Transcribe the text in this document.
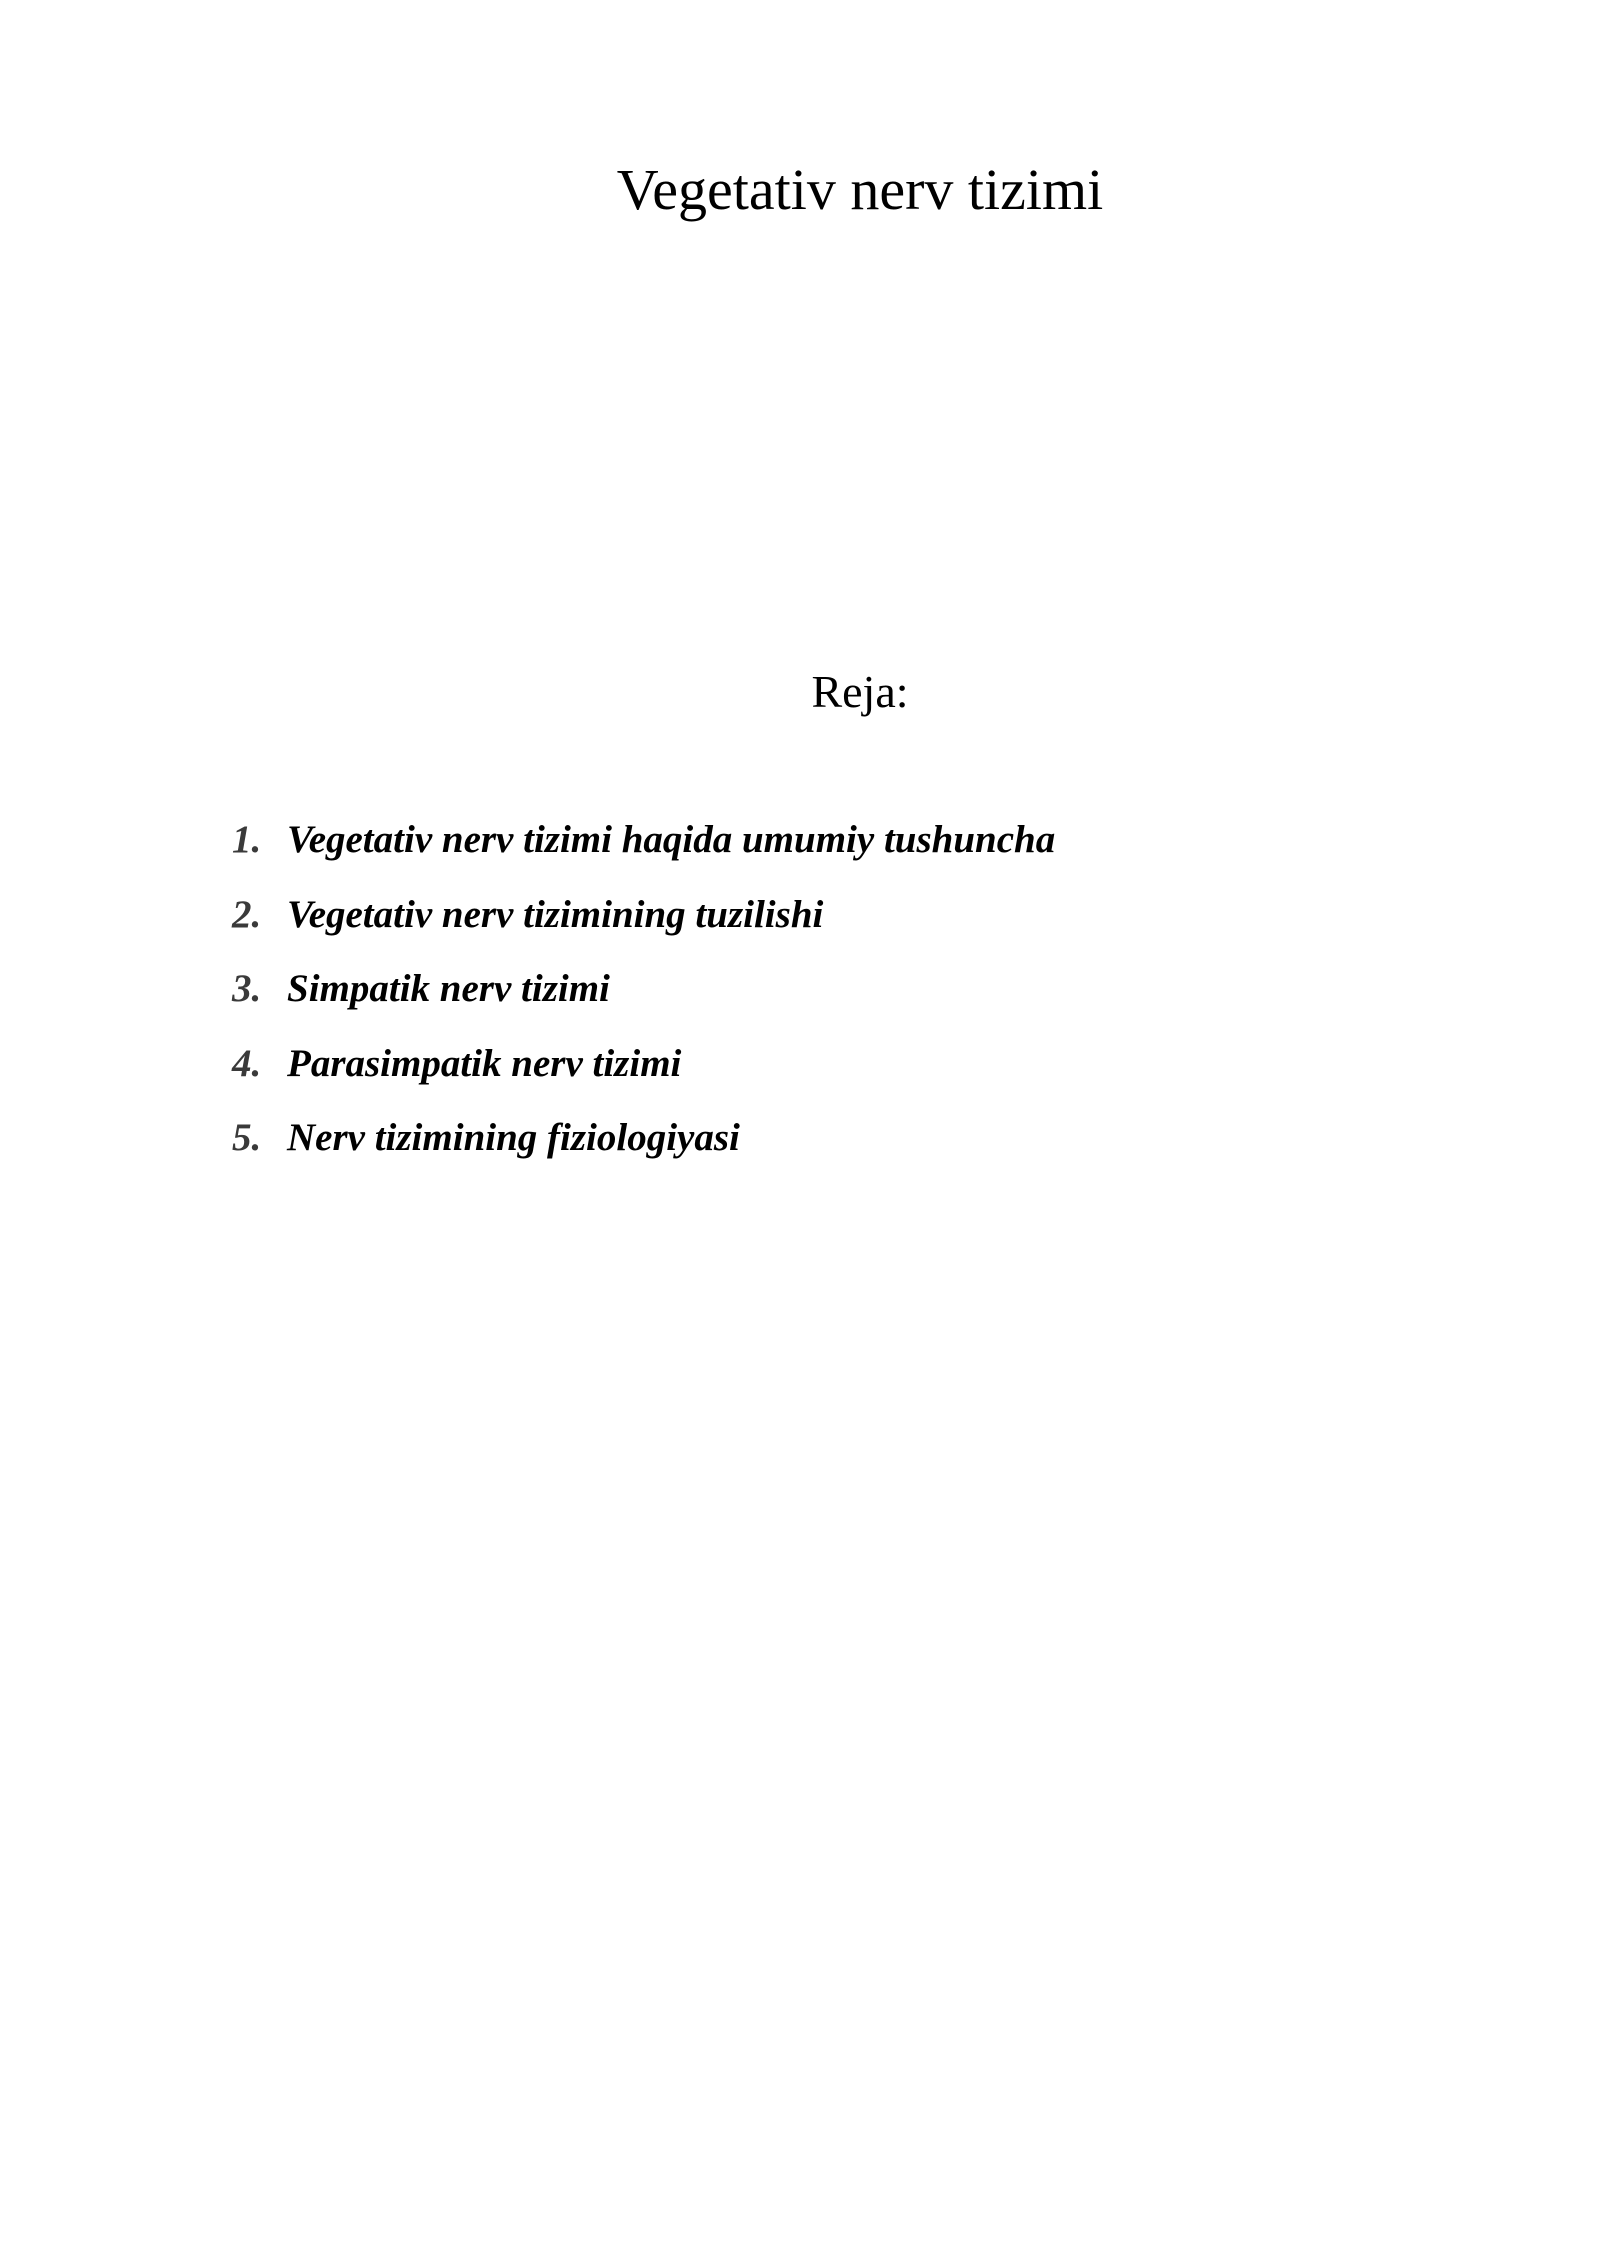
Vegetativ nerv tizimi
Reja:
1. Vegetativ nerv tizimi haqida umumiy tushuncha
2. Vegetativ nerv tizimining tuzilishi
3. Simpatik nerv tizimi
4. Parasimpatik nerv tizimi
5. Nerv tizimining fiziologiyasi
